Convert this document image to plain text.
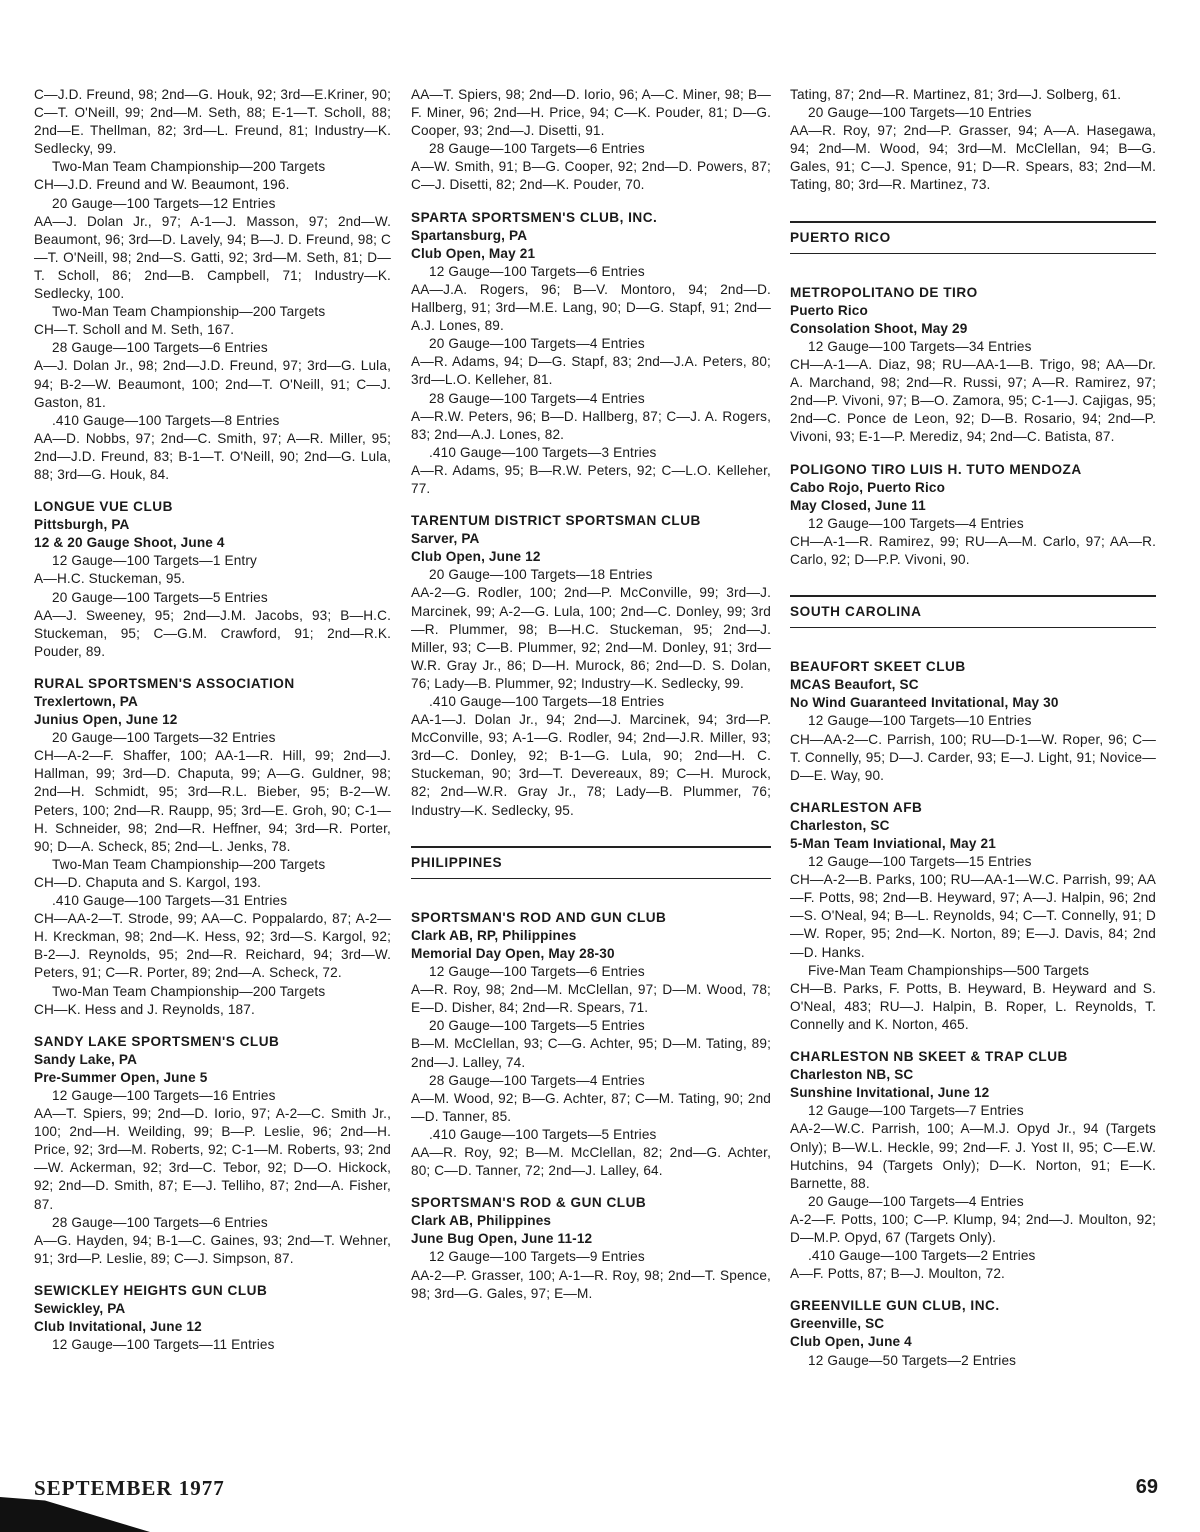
C—J.D. Freund, 98; 2nd—G. Houk, 92; 3rd—E.Kriner, 90; C—T. O'Neill, 99; 2nd—M. Seth, 88; E-1—T. Scholl, 88; 2nd—E. Thellman, 82; 3rd—L. Freund, 81; Industry—K. Sedlecky, 99.

Two-Man Team Championship—200 Targets

CH—J.D. Freund and W. Beaumont, 196.

20 Gauge—100 Targets—12 Entries

AA—J. Dolan Jr., 97; A-1—J. Masson, 97; 2nd—W. Beaumont, 96; 3rd—D. Lavely, 94; B—J. D. Freund, 98; C—T. O'Neill, 98; 2nd—S. Gatti, 92; 3rd—M. Seth, 81; D—T. Scholl, 86; 2nd—B. Campbell, 71; Industry—K. Sedlecky, 100.

Two-Man Team Championship—200 Targets

CH—T. Scholl and M. Seth, 167.

28 Gauge—100 Targets—6 Entries

A—J. Dolan Jr., 98; 2nd—J.D. Freund, 97; 3rd—G. Lula, 94; B-2—W. Beaumont, 100; 2nd—T. O'Neill, 91; C—J. Gaston, 81.

.410 Gauge—100 Targets—8 Entries

AA—D. Nobbs, 97; 2nd—C. Smith, 97; A—R. Miller, 95; 2nd—J.D. Freund, 83; B-1—T. O'Neill, 90; 2nd—G. Lula, 88; 3rd—G. Houk, 84.

LONGUE VUE CLUB
Pittsburgh, PA
12 & 20 Gauge Shoot, June 4

12 Gauge—100 Targets—1 Entry

A—H.C. Stuckeman, 95.

20 Gauge—100 Targets—5 Entries

AA—J. Sweeney, 95; 2nd—J.M. Jacobs, 93; B—H.C. Stuckeman, 95; C—G.M. Crawford, 91; 2nd—R.K. Pouder, 89.

RURAL SPORTSMEN'S ASSOCIATION
Trexlertown, PA
Junius Open, June 12

20 Gauge—100 Targets—32 Entries

CH—A-2—F. Shaffer, 100; AA-1—R. Hill, 99; 2nd—J. Hallman, 99; 3rd—D. Chaputa, 99; A—G. Guldner, 98; 2nd—H. Schmidt, 95; 3rd—R.L. Bieber, 95; B-2—W. Peters, 100; 2nd—R. Raupp, 95; 3rd—E. Groh, 90; C-1—H. Schneider, 98; 2nd—R. Heffner, 94; 3rd—R. Porter, 90; D—A. Scheck, 85; 2nd—L. Jenks, 78.

Two-Man Team Championship—200 Targets

CH—D. Chaputa and S. Kargol, 193.

.410 Gauge—100 Targets—31 Entries

CH—AA-2—T. Strode, 99; AA—C. Poppalardo, 87; A-2—H. Kreckman, 98; 2nd—K. Hess, 92; 3rd—S. Kargol, 92; B-2—J. Reynolds, 95; 2nd—R. Reichard, 94; 3rd—W. Peters, 91; C—R. Porter, 89; 2nd—A. Scheck, 72.

Two-Man Team Championship—200 Targets

CH—K. Hess and J. Reynolds, 187.

SANDY LAKE SPORTSMEN'S CLUB
Sandy Lake, PA
Pre-Summer Open, June 5

12 Gauge—100 Targets—16 Entries

AA—T. Spiers, 99; 2nd—D. Iorio, 97; A-2—C. Smith Jr., 100; 2nd—H. Weilding, 99; B—P. Leslie, 96; 2nd—H. Price, 92; 3rd—M. Roberts, 92; C-1—M. Roberts, 93; 2nd—W. Ackerman, 92; 3rd—C. Tebor, 92; D—O. Hickock, 92; 2nd—D. Smith, 87; E—J. Telliho, 87; 2nd—A. Fisher, 87.

28 Gauge—100 Targets—6 Entries

A—G. Hayden, 94; B-1—C. Gaines, 93; 2nd—T. Wehner, 91; 3rd—P. Leslie, 89; C—J. Simpson, 87.

SEWICKLEY HEIGHTS GUN CLUB
Sewickley, PA
Club Invitational, June 12

12 Gauge—100 Targets—11 Entries

AA—T. Spiers, 98; 2nd—D. Iorio, 96; A—C. Miner, 98; B—F. Miner, 96; 2nd—H. Price, 94; C—K. Pouder, 81; D—G. Cooper, 93; 2nd—J. Disetti, 91.

28 Gauge—100 Targets—6 Entries

A—W. Smith, 91; B—G. Cooper, 92; 2nd—D. Powers, 87; C—J. Disetti, 82; 2nd—K. Pouder, 70.

SPARTA SPORTSMEN'S CLUB, INC.
Spartansburg, PA
Club Open, May 21

12 Gauge—100 Targets—6 Entries

AA—J.A. Rogers, 96; B—V. Montoro, 94; 2nd—D. Hallberg, 91; 3rd—M.E. Lang, 90; D—G. Stapf, 91; 2nd—A.J. Lones, 89.

20 Gauge—100 Targets—4 Entries

A—R. Adams, 94; D—G. Stapf, 83; 2nd—J.A. Peters, 80; 3rd—L.O. Kelleher, 81.

28 Gauge—100 Targets—4 Entries

A—R.W. Peters, 96; B—D. Hallberg, 87; C—J. A. Rogers, 83; 2nd—A.J. Lones, 82.

.410 Gauge—100 Targets—3 Entries

A—R. Adams, 95; B—R.W. Peters, 92; C—L.O. Kelleher, 77.

TARENTUM DISTRICT SPORTSMAN CLUB
Sarver, PA
Club Open, June 12

20 Gauge—100 Targets—18 Entries

AA-2—G. Rodler, 100; 2nd—P. McConville, 99; 3rd—J. Marcinek, 99; A-2—G. Lula, 100; 2nd—C. Donley, 99; 3rd—R. Plummer, 98; B—H.C. Stuckeman, 95; 2nd—J. Miller, 93; C—B. Plummer, 92; 2nd—M. Donley, 91; 3rd—W.R. Gray Jr., 86; D—H. Murock, 86; 2nd—D. S. Dolan, 76; Lady—B. Plummer, 92; Industry—K. Sedlecky, 99.

.410 Gauge—100 Targets—18 Entries

AA-1—J. Dolan Jr., 94; 2nd—J. Marcinek, 94; 3rd—P. McConville, 93; A-1—G. Rodler, 94; 2nd—J.R. Miller, 93; 3rd—C. Donley, 92; B-1—G. Lula, 90; 2nd—H. C. Stuckeman, 90; 3rd—T. Devereaux, 89; C—H. Murock, 82; 2nd—W.R. Gray Jr., 78; Lady—B. Plummer, 76; Industry—K. Sedlecky, 95.

PHILIPPINES
SPORTSMAN'S ROD AND GUN CLUB
Clark AB, RP, Philippines
Memorial Day Open, May 28-30

12 Gauge—100 Targets—6 Entries

A—R. Roy, 98; 2nd—M. McClellan, 97; D—M. Wood, 78; E—D. Disher, 84; 2nd—R. Spears, 71.

20 Gauge—100 Targets—5 Entries

B—M. McClellan, 93; C—G. Achter, 95; D—M. Tating, 89; 2nd—J. Lalley, 74.

28 Gauge—100 Targets—4 Entries

A—M. Wood, 92; B—G. Achter, 87; C—M. Tating, 90; 2nd—D. Tanner, 85.

.410 Gauge—100 Targets—5 Entries

AA—R. Roy, 92; B—M. McClellan, 82; 2nd—G. Achter, 80; C—D. Tanner, 72; 2nd—J. Lalley, 64.

SPORTSMAN'S ROD & GUN CLUB
Clark AB, Philippines
June Bug Open, June 11-12

12 Gauge—100 Targets—9 Entries

AA-2—P. Grasser, 100; A-1—R. Roy, 98; 2nd—T. Spence, 98; 3rd—G. Gales, 97; E—M.

Tating, 87; 2nd—R. Martinez, 81; 3rd—J. Solberg, 61.

20 Gauge—100 Targets—10 Entries

AA—R. Roy, 97; 2nd—P. Grasser, 94; A—A. Hasegawa, 94; 2nd—M. Wood, 94; 3rd—M. McClellan, 94; B—G. Gales, 91; C—J. Spence, 91; D—R. Spears, 83; 2nd—M. Tating, 80; 3rd—R. Martinez, 73.

PUERTO RICO
METROPOLITANO DE TIRO
Puerto Rico
Consolation Shoot, May 29

12 Gauge—100 Targets—34 Entries

CH—A-1—A. Diaz, 98; RU—AA-1—B. Trigo, 98; AA—Dr. A. Marchand, 98; 2nd—R. Russi, 97; A—R. Ramirez, 97; 2nd—P. Vivoni, 97; B—O. Zamora, 95; C-1—J. Cajigas, 95; 2nd—C. Ponce de Leon, 92; D—B. Rosario, 94; 2nd—P. Vivoni, 93; E-1—P. Merediz, 94; 2nd—C. Batista, 87.

POLIGONO TIRO LUIS H. TUTO MENDOZA
Cabo Rojo, Puerto Rico
May Closed, June 11

12 Gauge—100 Targets—4 Entries

CH—A-1—R. Ramirez, 99; RU—A—M. Carlo, 97; AA—R. Carlo, 92; D—P.P. Vivoni, 90.

SOUTH CAROLINA
BEAUFORT SKEET CLUB
MCAS Beaufort, SC
No Wind Guaranteed Invitational, May 30

12 Gauge—100 Targets—10 Entries

CH—AA-2—C. Parrish, 100; RU—D-1—W. Roper, 96; C—T. Connelly, 95; D—J. Carder, 93; E—J. Light, 91; Novice—D—E. Way, 90.

CHARLESTON AFB
Charleston, SC
5-Man Team Inviational, May 21

12 Gauge—100 Targets—15 Entries

CH—A-2—B. Parks, 100; RU—AA-1—W.C. Parrish, 99; AA—F. Potts, 98; 2nd—B. Heyward, 97; A—J. Halpin, 96; 2nd—S. O'Neal, 94; B—L. Reynolds, 94; C—T. Connelly, 91; D—W. Roper, 95; 2nd—K. Norton, 89; E—J. Davis, 84; 2nd—D. Hanks.

Five-Man Team Championships—500 Targets

CH—B. Parks, F. Potts, B. Heyward, B. Heyward and S. O'Neal, 483; RU—J. Halpin, B. Roper, L. Reynolds, T. Connelly and K. Norton, 465.

CHARLESTON NB SKEET & TRAP CLUB
Charleston NB, SC
Sunshine Invitational, June 12

12 Gauge—100 Targets—7 Entries

AA-2—W.C. Parrish, 100; A—M.J. Opyd Jr., 94 (Targets Only); B—W.L. Heckle, 99; 2nd—F. J. Yost II, 95; C—E.W. Hutchins, 94 (Targets Only); D—K. Norton, 91; E—K. Barnette, 88.

20 Gauge—100 Targets—4 Entries

A-2—F. Potts, 100; C—P. Klump, 94; 2nd—J. Moulton, 92; D—M.P. Opyd, 67 (Targets Only).

.410 Gauge—100 Targets—2 Entries

A—F. Potts, 87; B—J. Moulton, 72.

GREENVILLE GUN CLUB, INC.
Greenville, SC
Club Open, June 4

12 Gauge—50 Targets—2 Entries

SEPTEMBER 1977	69
